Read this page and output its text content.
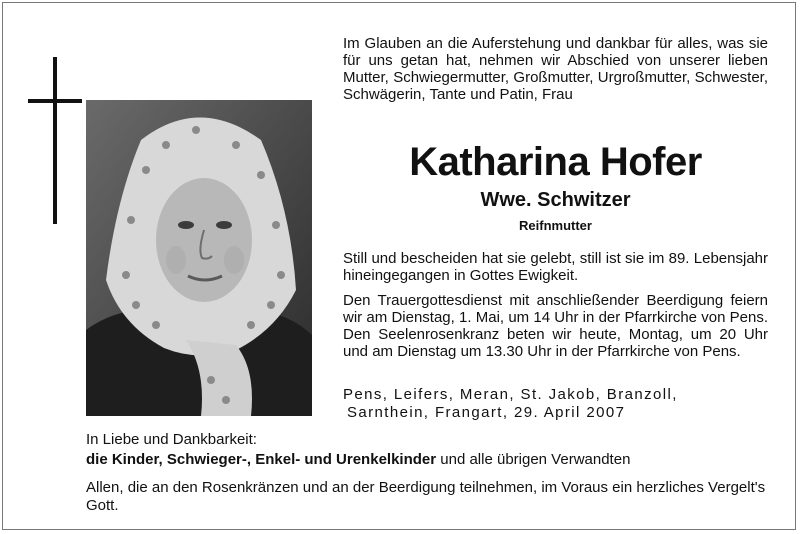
Im Glauben an die Auferstehung und dankbar für alles, was sie für uns getan hat, nehmen wir Abschied von unserer lieben Mutter, Schwiegermutter, Großmutter, Urgroßmutter, Schwester, Schwägerin, Tante und Patin, Frau

Katharina Hofer
Wwe. Schwitzer
Reifnmutter

Still und bescheiden hat sie gelebt, still ist sie im 89. Lebensjahr hineingegangen in Gottes Ewigkeit.

Den Trauergottesdienst mit anschließender Beerdigung feiern wir am Dienstag, 1. Mai, um 14 Uhr in der Pfarrkirche von Pens. Den Seelenrosenkranz beten wir heute, Montag, um 20 Uhr und am Dienstag um 13.30 Uhr in der Pfarrkirche von Pens.

Pens, Leifers, Meran, St. Jakob, Branzoll,
Sarnthein, Frangart, 29. April 2007
In Liebe und Dankbarkeit:
die Kinder, Schwieger-, Enkel- und Urenkelkinder und alle übrigen Verwandten
Allen, die an den Rosenkränzen und an der Beerdigung teilnehmen, im Voraus ein herzliches Vergelt's Gott.
